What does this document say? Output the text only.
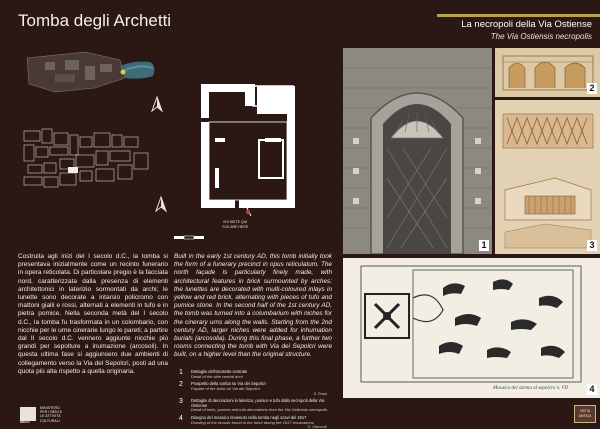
Tomba degli Archetti	La necropoli della Via Ostiense
The Via Ostiensis necropolis
VOI SIETE QUI
YOU ARE HERE
Costruita agli inizi del I secolo d.C., la tomba si presentava inizialmente come un recinto funerario in opera reticolata. Di particolare pregio è la facciata nord, caratterizzata dalla presenza di elementi architettonici in laterizio sormontati da archi; le lunette sono decorate a intarsio policromo con mattoni gialli e rossi, alternati a elementi in tufo e in pietra pomice. Nella seconda metà del I secolo d.C., la tomba fu trasformata in un colombario, con nicchie per le urne cinerarie lungo le pareti; a partire dal II secolo d.C. vennero aggiunte nicchie più grandi per sepolture a inumazione (arcosoli). In questa ultima fase si aggiunsero due ambienti di collegamento verso la Via del Sepolcri, posti ad una quota più alta rispetto a quella originaria.
Built in the early 1st century AD, this tomb initially took the form of a funerary precinct in opus reticulatum. The north façade is particularly finely made, with architectural features in brick surmounted by arches: the lunettes are decorated with multi-coloured inlays in yellow and red brick, alternating with pieces of tufo and pumice stone. In the second half of the 1st century AD, the tomb was turned into a columbarium with niches for the cinerary urns along the walls. Starting from the 2nd century AD, larger niches were added for inhumation burials (arcosolia). During this final phase, a further two rooms connecting the tomb with Via dei Sepolcri were built, on a higher level than the original structure.
1 Dettaglio dell'arcotetto centrale
Detail of the side central arch
2 Prospetto della tomba su Via dei Sepolcri
Façade of the tomb on Via dei Sepolcri
G. Rossi
3 Dettaglio di decorazioni in laterizio, pomice e tufo dalla necropoli della Via Ostiense
Detail of brick, pumice and tufo decorations from the Via Ostiensis necropolis
4 Disegno del mosaico rinvenuto nella tomba negli scavi del 1917
Drawing of the mosaic found in the tomb during the 1917 excavations
G. Gismondi
1
2
3
Mosaico del sitema al sepolcro n. VII 4
MiBAC
MINISTERO
PER I BENI E
LE ATTIVITÀ
CULTURALI
OSTIA
ANTICA
